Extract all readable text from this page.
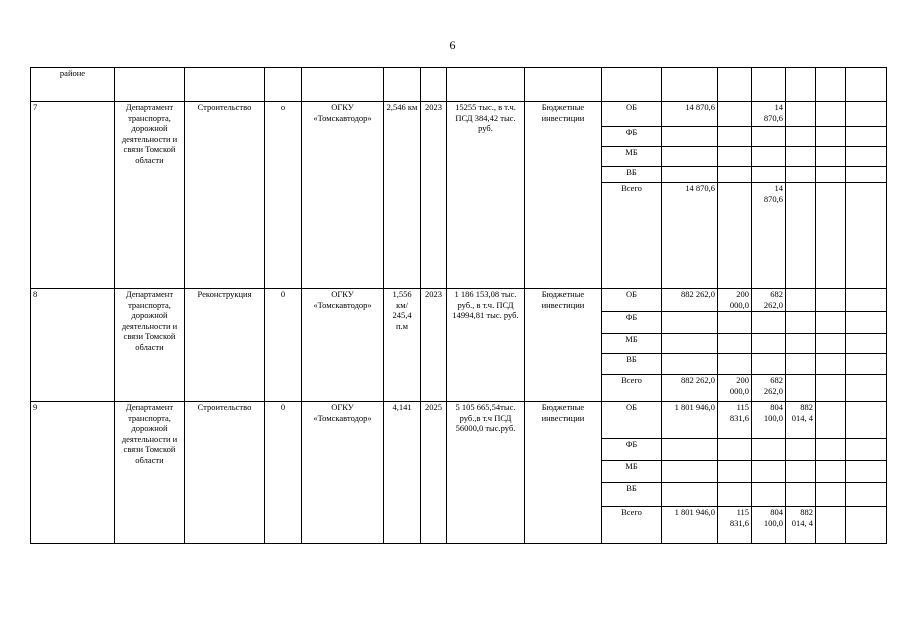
6
районе															

7	Департамент транспорта, дорожной деятельности и связи Томской области	Строительство	о	ОГКУ «Томскавтодор»	2,546 км	2023	15255 тыс., в т.ч. ПСД 384,42 тыс. руб.	Бюджетные инвестиции	ОБ	14 870,6		14 870,6			
									ФБ						
									МБ						
									ВБ						
									Всего	14 870,6		14 870,6			
8	Департамент транспорта, дорожной деятельности и связи Томской области	Реконструкция	0	ОГКУ «Томскавтодор»	1,556 км/ 245,4 п.м	2023	1 186 153,08 тыс. руб., в т.ч. ПСД 14994,81 тыс. руб.	Бюджетные инвестиции	ОБ	882 262,0	200 000,0	682 262,0			
									ФБ						
									МБ						
									ВБ						
									Всего	882 262,0	200 000,0	682 262,0			
9	Департамент транспорта, дорожной деятельности и связи Томской области	Строительство	0	ОГКУ «Томскавтодор»	4,141	2025	5 105 665,54тыс. руб.,в т.ч ПСД 56000,0 тыс.руб.	Бюджетные инвестиции	ОБ	1 801 946,0	115 831,6	804 100,0	882 014, 4		
									ФБ						
									МБ						
									ВБ						
									Всего	1 801 946,0	115 831,6	804 100,0	882 014, 4		
